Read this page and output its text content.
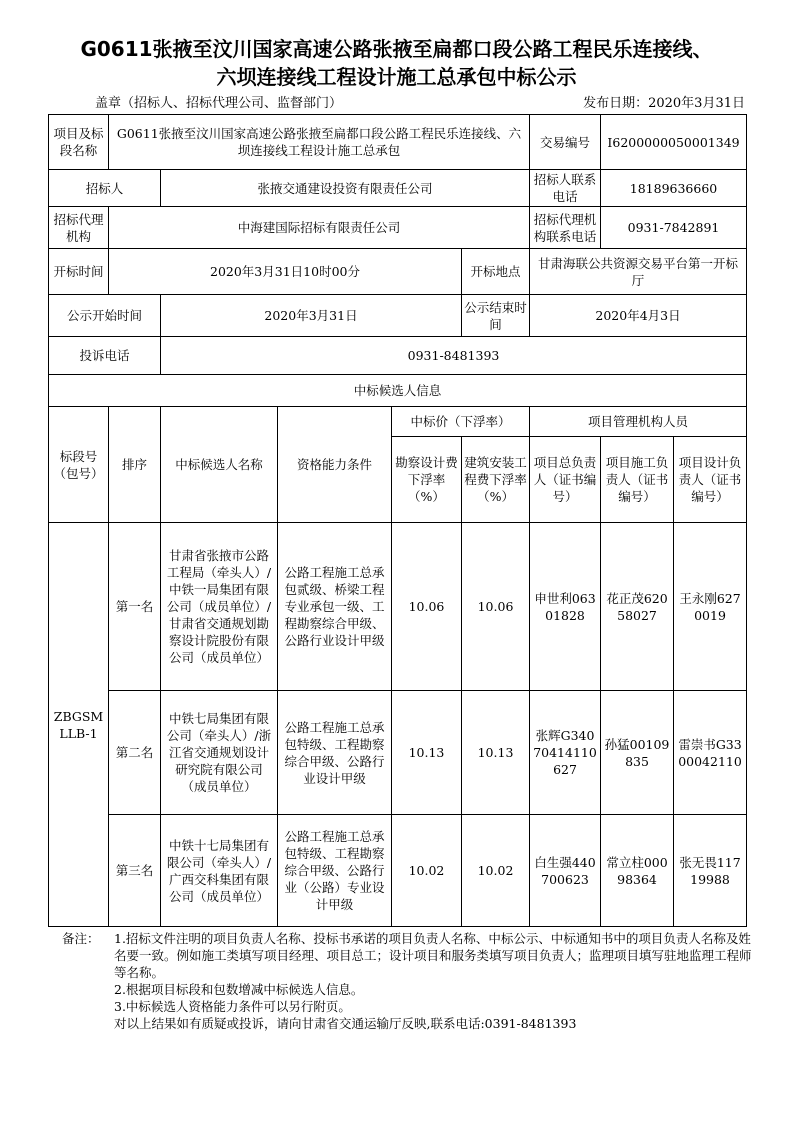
G0611张掖至汶川国家高速公路张掖至扁都口段公路工程民乐连接线、
六坝连接线工程设计施工总承包中标公示
盖章（招标人、招标代理公司、监督部门）	发布日期：2020年3月31日
项目及标段名称	G0611张掖至汶川国家高速公路张掖至扁都口段公路工程民乐连接线、六坝连接线工程设计施工总承包					交易编号	I6200000050001349	
招标人		张掖交通建设投资有限责任公司				招标人联系电话	18189636660	
招标代理机构	中海建国际招标有限责任公司					招标代理机构联系电话	0931-7842891	
开标时间	2020年3月31日10时00分				开标地点	甘肃海联公共资源交易平台第一开标厅		
公示开始时间		2020年3月31日			公示结束时间	2020年4月3日		
投诉电话		0931-8481393						
中标候选人信息								
标段号（包号）	排序	中标候选人名称	资格能力条件	中标价（下浮率）		项目管理机构人员		
				勘察设计费下浮率（%）	建筑安装工程费下浮率（%）	项目总负责人（证书编号）	项目施工负责人（证书编号）	项目设计负责人（证书编号）
ZBGSMLLB-1	第一名	甘肃省张掖市公路工程局（牵头人）/中铁一局集团有限公司（成员单位）/甘肃省交通规划勘察设计院股份有限公司（成员单位）	公路工程施工总承包贰级、桥梁工程专业承包一级、工程勘察综合甲级、公路行业设计甲级	10.06	10.06	申世利06301828	花正茂62058027	王永刚6270019
	第二名	中铁七局集团有限公司（牵头人）/浙江省交通规划设计研究院有限公司（成员单位）	公路工程施工总承包特级、工程勘察综合甲级、公路行业设计甲级	10.13	10.13	张辉G34070414110627	孙猛00109835	雷崇书G3300042110
	第三名	中铁十七局集团有限公司（牵头人）/广西交科集团有限公司（成员单位）	公路工程施工总承包特级、工程勘察综合甲级、公路行业（公路）专业设计甲级	10.02	10.02	白生强440700623	常立柱00098364	张无畏11719988
备注：	1.招标文件注明的项目负责人名称、投标书承诺的项目负责人名称、中标公示、中标通知书中的项目负责人名称及姓名要一致。例如施工类填写项目经理、项目总工；设计项目和服务类填写项目负责人；监理项目填写驻地监理工程师等名称。
2.根据项目标段和包数增减中标候选人信息。
3.中标候选人资格能力条件可以另行附页。
对以上结果如有质疑或投诉，请向甘肃省交通运输厅反映,联系电话:0391-8481393
